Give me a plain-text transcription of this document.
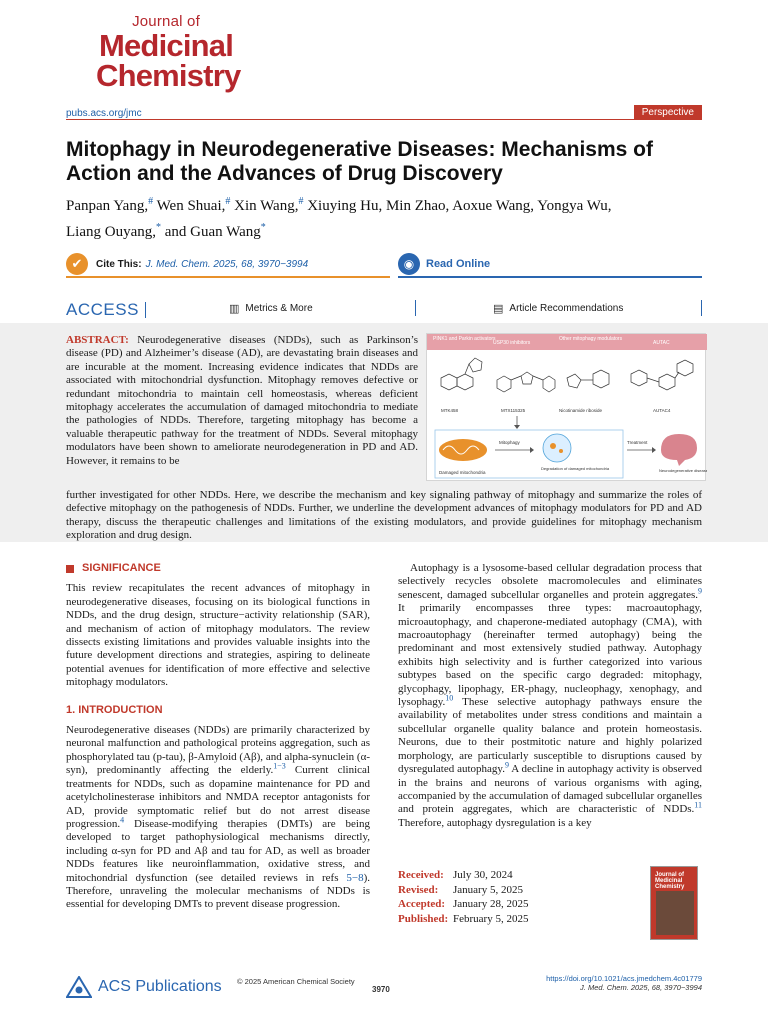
Journal of
Medicinal
Chemistry
pubs.acs.org/jmc	Perspective
Mitophagy in Neurodegenerative Diseases: Mechanisms of Action and the Advances of Drug Discovery
Panpan Yang,# Wen Shuai,# Xin Wang,# Xiuying Hu, Min Zhao, Aoxue Wang, Yongya Wu,
Liang Ouyang,* and Guan Wang*
✔	Cite This: J. Med. Chem. 2025, 68, 3970−3994	◉	Read Online
ACCESS	▥ Metrics & More	▤ Article Recommendations

ABSTRACT: Neurodegenerative diseases (NDDs), such as Parkinson’s disease (PD) and Alzheimer’s disease (AD), are devastating brain diseases and are incurable at the moment. Increasing evidence indicates that NDDs are associated with mitochondrial dysfunction. Mitophagy removes defective or redundant mitochondria to maintain cell homeostasis, whereas deficient mitophagy accelerates the accumulation of damaged mitochondria to mediate the pathologies of NDDs. Therefore, targeting mitophagy has become a valuable therapeutic pathway for the treatment of NDDs. Several mitophagy modulators have been shown to ameliorate neurodegeneration in PD and AD. However, it remains to be

further investigated for other NDDs. Here, we describe the mechanism and key signaling pathway of mitophagy and summarize the roles of defective mitophagy on the pathogenesis of NDDs. Further, we underline the development advances of mitophagy modulators for PD and AD therapy, discuss the therapeutic challenges and limitations of the existing modulators, and provide guidelines for mitophagy mechanism exploration and drug design.

PINK1 and Parkin activators
USP30 inhibitors
Other mitophagy modulators
AUTAC
MTK458	MTX115325	Nicotinamide riboside	AUTAC4
Damaged mitochondria
Mitophagy
Degradation of damaged mitochondria
Treatment
Neurodegenerative diseases
SIGNIFICANCE

This review recapitulates the recent advances of mitophagy in neurodegenerative diseases, focusing on its biological functions in NDDs, and the drug design, structure−activity relationship (SAR), and mechanism of action of mitophagy modulators. The review dissects existing limitations and provides valuable insights into the future development directions and strategies, aspiring to delineate potential avenues for identification of more effective and selective mitophagy modulators.

1. INTRODUCTION

Neurodegenerative diseases (NDDs) are primarily characterized by neuronal malfunction and pathological proteins aggregation, such as phosphorylated tau (p-tau), β-Amyloid (Aβ), and alpha-synuclein (α-syn), predominantly affecting the elderly.$^{1-3}$ Current clinical treatments for NDDs, such as dopamine maintenance for PD and acetylcholinesterase inhibitors and NMDA receptor antagonists for AD, provide symptomatic relief but do not arrest disease progression.$^4$ Disease-modifying therapies (DMTs) are being developed to target pathophysiological mechanisms directly, including α-syn for PD and Aβ and tau for AD, as well as broader NDDs features like neuroinflammation, oxidative stress, and mitochondrial dysfunction (see detailed reviews in refs 5−8). Therefore, unraveling the molecular mechanisms of NDDs is essential for developing DMTs to prevent disease progression.

Autophagy is a lysosome-based cellular degradation process that selectively recycles obsolete macromolecules and eliminates senescent, damaged subcellular organelles and protein aggregates.$^9$ It primarily encompasses three types: macroautophagy, microautophagy, and chaperone-mediated autophagy (CMA), with macroautophagy (hereinafter termed autophagy) being the predominant and most extensively studied pathway. Autophagy exhibits high selectivity and is further categorized into various subtypes based on the specific cargo degraded: mitophagy, glycophagy, lipophagy, ER-phagy, nucleophagy, xenophagy, and lysophagy.$^{10}$ These selective autophagy pathways ensure the availability of metabolites under stress conditions and maintain a subcellular organelle quality balance and protein homeostasis. Neurons, due to their postmitotic nature and highly polarized morphology, are particularly susceptible to disruptions caused by dysregulated autophagy.$^9$ A decline in autophagy activity is observed in the brains and neurons of various organisms with aging, accompanied by the accumulation of damaged subcellular organelles and protein aggregates, which are characteristic of NDDs.$^{11}$ Therefore, autophagy dysregulation is a key

Received: July 30, 2024
Revised:	January 5, 2025
Accepted: January 28, 2025
Published: February 5, 2025
Journal of
Medicinal
Chemistry
ACS Publications © 2025 American Chemical Society
3970
https://doi.org/10.1021/acs.jmedchem.4c01779
J. Med. Chem. 2025, 68, 3970−3994
